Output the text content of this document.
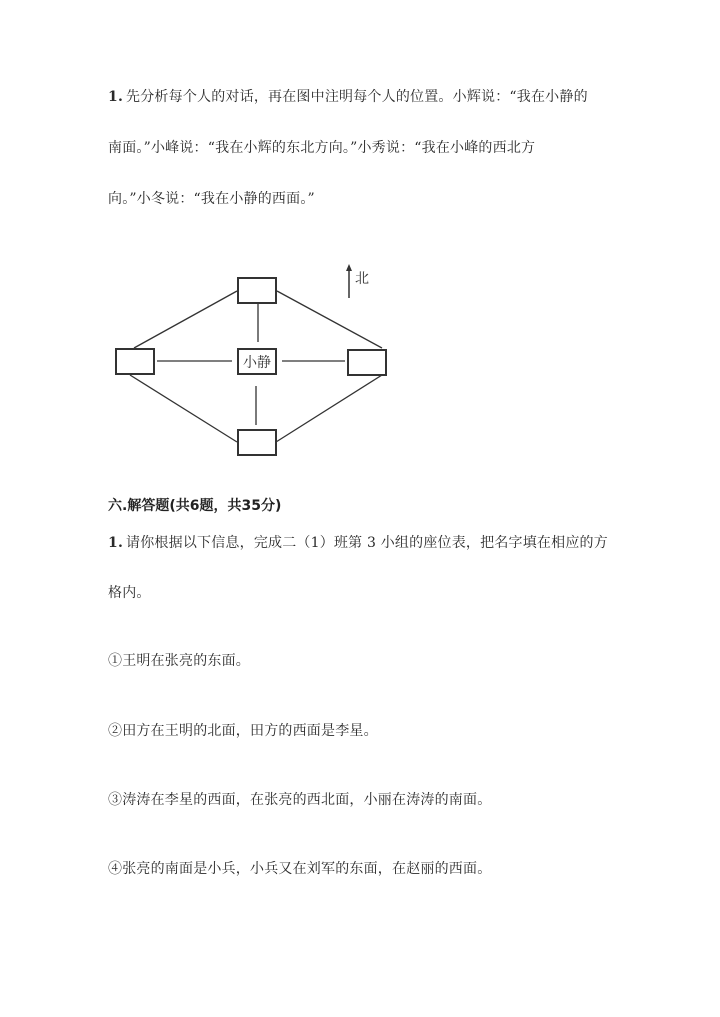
1. 先分析每个人的对话，再在图中注明每个人的位置。小辉说：“我在小静的
南面。”小峰说：“我在小辉的东北方向。”小秀说：“我在小峰的西北方
向。”小冬说：“我在小静的西面。”
小静
北
六.解答题(共6题，共35分)
1. 请你根据以下信息，完成二（1）班第 3 小组的座位表，把名字填在相应的方
格内。
①王明在张亮的东面。
②田方在王明的北面，田方的西面是李星。
③涛涛在李星的西面，在张亮的西北面，小丽在涛涛的南面。
④张亮的南面是小兵，小兵又在刘军的东面，在赵丽的西面。
